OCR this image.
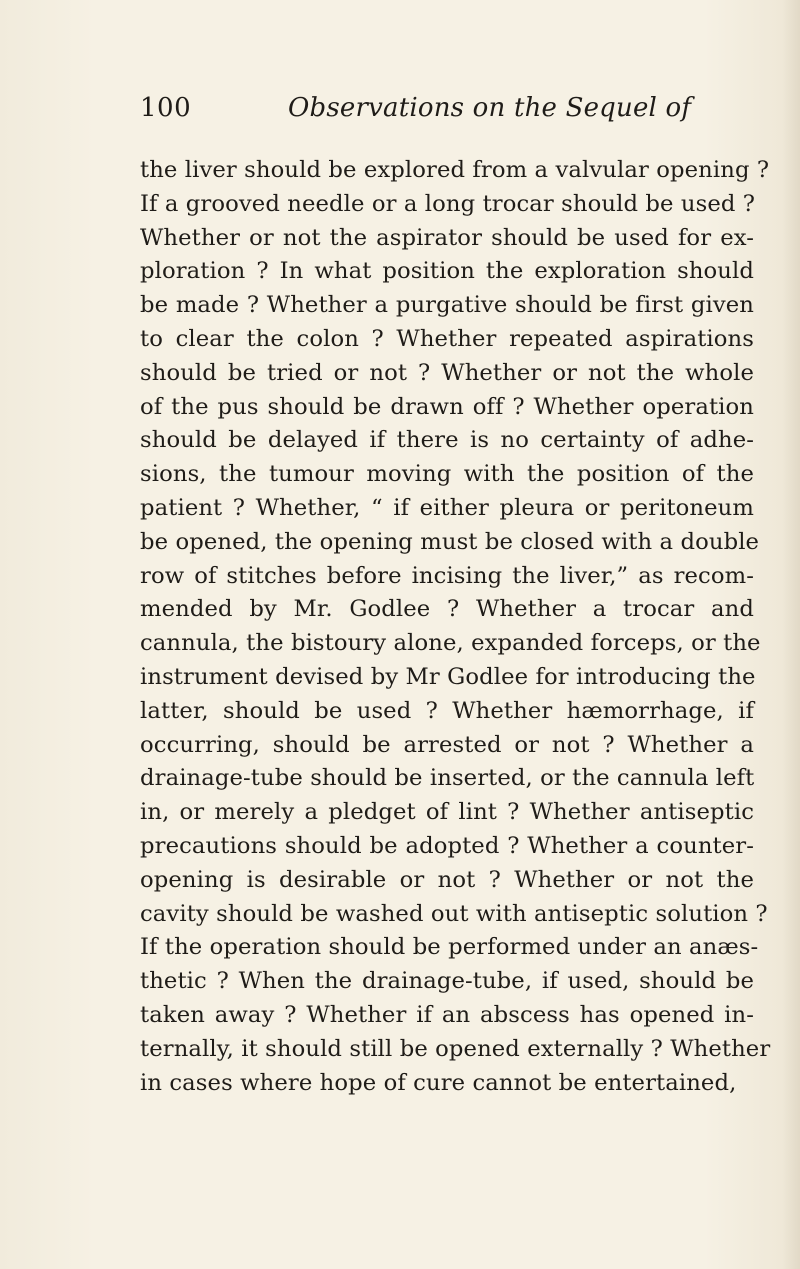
100	Observations on the Sequel of
the liver should be explored from a valvular opening ?
If a grooved needle or a long trocar should be used ?
Whether or not the aspirator should be used for ex-
ploration ? In what position the exploration should
be made ? Whether a purgative should be first given
to clear the colon ? Whether repeated aspirations
should be tried or not ? Whether or not the whole
of the pus should be drawn off ? Whether operation
should be delayed if there is no certainty of adhe-
sions, the tumour moving with the position of the
patient ? Whether, “ if either pleura or peritoneum
be opened, the opening must be closed with a double
row of stitches before incising the liver,” as recom-
mended by Mr. Godlee ? Whether a trocar and
cannula, the bistoury alone, expanded forceps, or the
instrument devised by Mr Godlee for introducing the
latter, should be used ? Whether hæmorrhage, if
occurring, should be arrested or not ? Whether a
drainage-tube should be inserted, or the cannula left
in, or merely a pledget of lint ? Whether antiseptic
precautions should be adopted ? Whether a counter-
opening is desirable or not ? Whether or not the
cavity should be washed out with antiseptic solution ?
If the operation should be performed under an anæs-
thetic ? When the drainage-tube, if used, should be
taken away ? Whether if an abscess has opened in-
ternally, it should still be opened externally ? Whether
in cases where hope of cure cannot be entertained,
